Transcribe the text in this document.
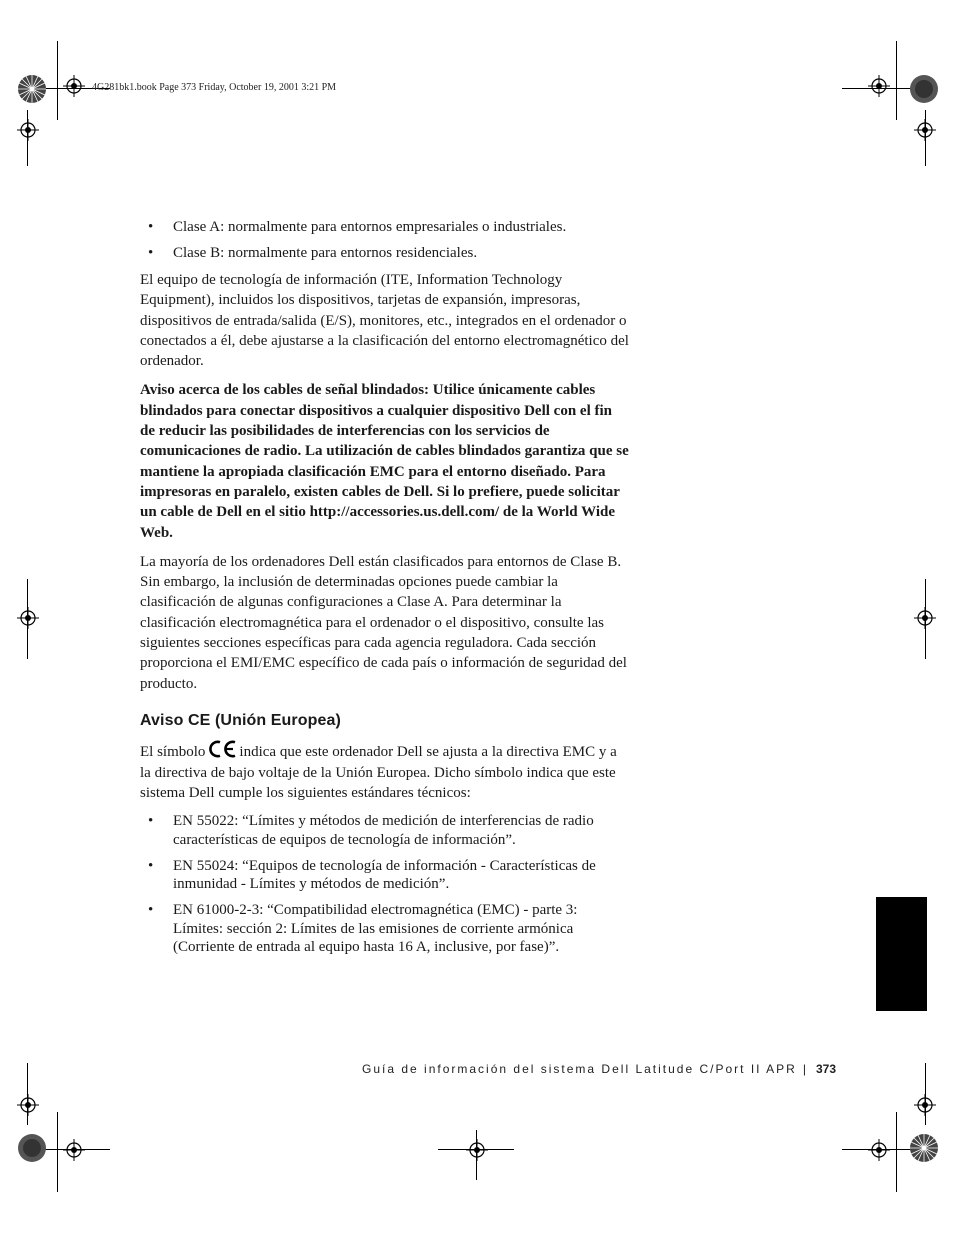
4G281bk1.book Page 373 Friday, October 19, 2001 3:21 PM
• Clase A: normalmente para entornos empresariales o industriales.
• Clase B: normalmente para entornos residenciales.

El equipo de tecnología de información (ITE, Information Technology Equipment), incluidos los dispositivos, tarjetas de expansión, impresoras, dispositivos de entrada/salida (E/S), monitores, etc., integrados en el ordenador o conectados a él, debe ajustarse a la clasificación del entorno electromagnético del ordenador.

Aviso acerca de los cables de señal blindados: Utilice únicamente cables blindados para conectar dispositivos a cualquier dispositivo Dell con el fin de reducir las posibilidades de interferencias con los servicios de comunicaciones de radio. La utilización de cables blindados garantiza que se mantiene la apropiada clasificación EMC para el entorno diseñado. Para impresoras en paralelo, existen cables de Dell. Si lo prefiere, puede solicitar un cable de Dell en el sitio http://accessories.us.dell.com/ de la World Wide Web.

La mayoría de los ordenadores Dell están clasificados para entornos de Clase B. Sin embargo, la inclusión de determinadas opciones puede cambiar la clasificación de algunas configuraciones a Clase A. Para determinar la clasificación electromagnética para el ordenador o el dispositivo, consulte las siguientes secciones específicas para cada agencia reguladora. Cada sección proporciona el EMI/EMC específico de cada país o información de seguridad del producto.

Aviso CE (Unión Europea)

El símbolo indica que este ordenador Dell se ajusta a la directiva EMC y a la directiva de bajo voltaje de la Unión Europea. Dicho símbolo indica que este sistema Dell cumple los siguientes estándares técnicos:

• EN 55022: “Límites y métodos de medición de interferencias de radio características de equipos de tecnología de información”.
• EN 55024: “Equipos de tecnología de información - Características de inmunidad - Límites y métodos de medición”.
• EN 61000-2-3: “Compatibilidad electromagnética (EMC) - parte 3: Límites: sección 2: Límites de las emisiones de corriente armónica (Corriente de entrada al equipo hasta 16 A, inclusive, por fase)”.
Guía de información del sistema Dell Latitude C/Port II APR | 373
